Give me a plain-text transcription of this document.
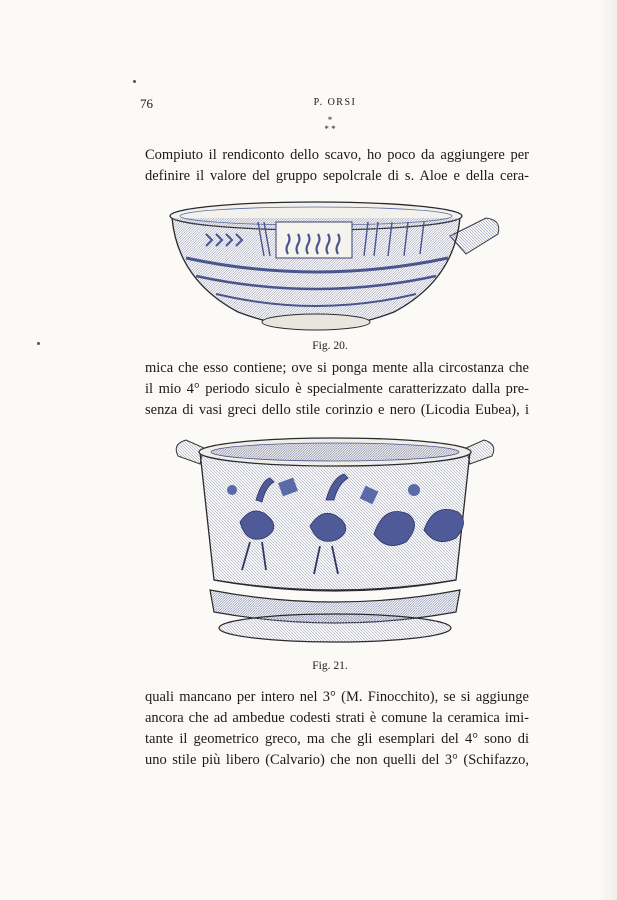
76	P. ORSI
*
* *
Compiuto il rendiconto dello scavo, ho poco da aggiungere per
definire il valore del gruppo sepolcrale di s. Aloe e della cera-
Fig. 20.
mica che esso contiene; ove si ponga mente alla circostanza che
il mio 4° periodo siculo è specialmente caratterizzato dalla pre-
senza di vasi greci dello stile corinzio e nero (Licodia Eubea), i
Fig. 21.
quali mancano per intero nel 3° (M. Finocchito), se si aggiunge
ancora che ad ambedue codesti strati è comune la ceramica imi-
tante il geometrico greco, ma che gli esemplari del 4° sono di
uno stile più libero (Calvario) che non quelli del 3° (Schifazzo,
